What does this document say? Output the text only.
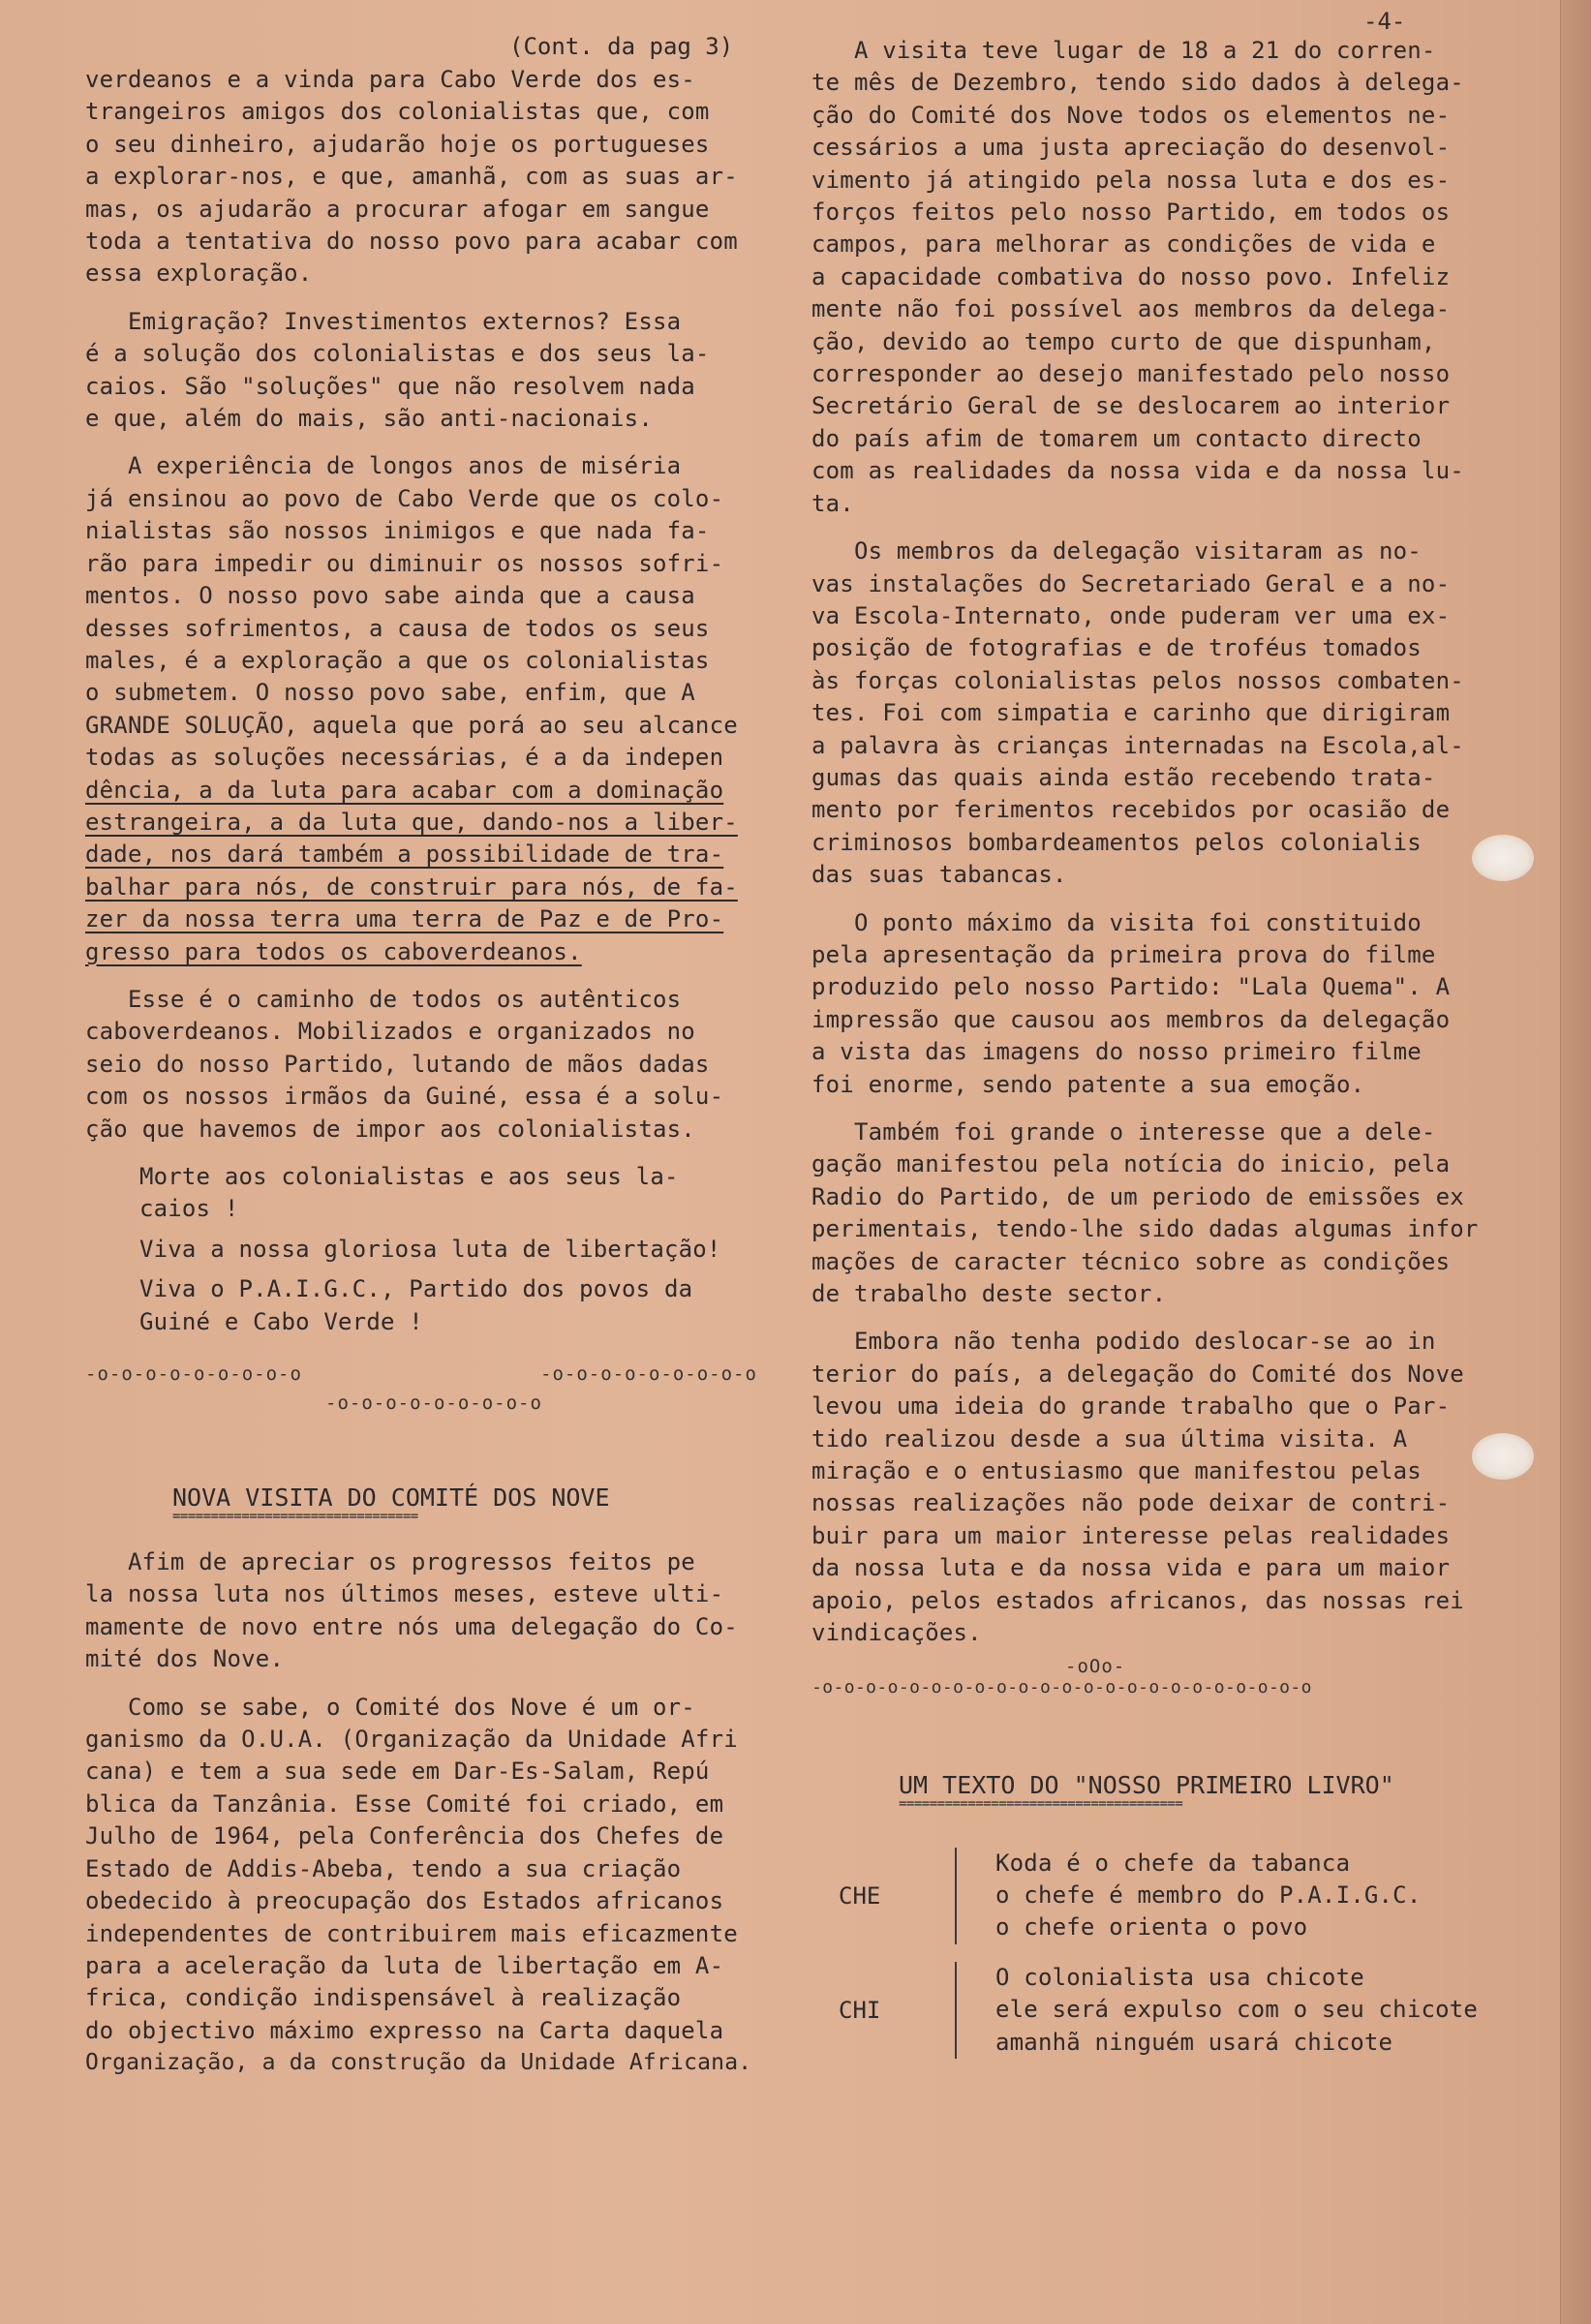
(Cont. da pag 3)
-4-
verdeanos e a vinda para Cabo Verde dos es-
trangeiros amigos dos colonialistas que, com
o seu dinheiro, ajudarão hoje os portugueses
a explorar-nos, e que, amanhã, com as suas ar-
mas, os ajudarão a procurar afogar em sangue
toda a tentativa do nosso povo para acabar com
essa exploração.
Emigração? Investimentos externos? Essa
é a solução dos colonialistas e dos seus la-
caios. São "soluções" que não resolvem nada
e que, além do mais, são anti-nacionais.
A experiência de longos anos de miséria
já ensinou ao povo de Cabo Verde que os colo-
nialistas são nossos inimigos e que nada fa-
rão para impedir ou diminuir os nossos sofri-
mentos. O nosso povo sabe ainda que a causa
desses sofrimentos, a causa de todos os seus
males, é a exploração a que os colonialistas
o submetem. O nosso povo sabe, enfim, que A
GRANDE SOLUÇÃO, aquela que porá ao seu alcance
todas as soluções necessárias, é a da indepen
dência, a da luta para acabar com a dominação
estrangeira, a da luta que, dando-nos a liber-
dade, nos dará também a possibilidade de tra-
balhar para nós, de construir para nós, de fa-
zer da nossa terra uma terra de Paz e de Pro-
gresso para todos os caboverdeanos.
Esse é o caminho de todos os autênticos
caboverdeanos. Mobilizados e organizados no
seio do nosso Partido, lutando de mãos dadas
com os nossos irmãos da Guiné, essa é a solu-
ção que havemos de impor aos colonialistas.
Morte aos colonialistas e aos seus la-
caios !
Viva a nossa gloriosa luta de libertação!
Viva o P.A.I.G.C., Partido dos povos da
Guiné e Cabo Verde !
-o-o-o-o-o-o-o-o-o	-o-o-o-o-o-o-o-o-o
-o-o-o-o-o-o-o-o-o
NOVA VISITA DO COMITÉ DOS NOVE
================================
Afim de apreciar os progressos feitos pe
la nossa luta nos últimos meses, esteve ulti-
mamente de novo entre nós uma delegação do Co-
mité dos Nove.
Como se sabe, o Comité dos Nove é um or-
ganismo da O.U.A. (Organização da Unidade Afri
cana) e tem a sua sede em Dar-Es-Salam, Repú
blica da Tanzânia. Esse Comité foi criado, em
Julho de 1964, pela Conferência dos Chefes de
Estado de Addis-Abeba, tendo a sua criação
obedecido à preocupação dos Estados africanos
independentes de contribuirem mais eficazmente
para a aceleração da luta de libertação em A-
frica, condição indispensável à realização
do objectivo máximo expresso na Carta daquela
Organização, a da construção da Unidade Africana.
A visita teve lugar de 18 a 21 do corren-
te mês de Dezembro, tendo sido dados à delega-
ção do Comité dos Nove todos os elementos ne-
cessários a uma justa apreciação do desenvol-
vimento já atingido pela nossa luta e dos es-
forços feitos pelo nosso Partido, em todos os
campos, para melhorar as condições de vida e
a capacidade combativa do nosso povo. Infeliz
mente não foi possível aos membros da delega-
ção, devido ao tempo curto de que dispunham,
corresponder ao desejo manifestado pelo nosso
Secretário Geral de se deslocarem ao interior
do país afim de tomarem um contacto directo
com as realidades da nossa vida e da nossa lu-
ta.
Os membros da delegação visitaram as no-
vas instalações do Secretariado Geral e a no-
va Escola-Internato, onde puderam ver uma ex-
posição de fotografias e de troféus tomados
às forças colonialistas pelos nossos combaten-
tes. Foi com simpatia e carinho que dirigiram
a palavra às crianças internadas na Escola,al-
gumas das quais ainda estão recebendo trata-
mento por ferimentos recebidos por ocasião de
criminosos bombardeamentos pelos colonialis
das suas tabancas.
O ponto máximo da visita foi constituido
pela apresentação da primeira prova do filme
produzido pelo nosso Partido: "Lala Quema". A
impressão que causou aos membros da delegação
a vista das imagens do nosso primeiro filme
foi enorme, sendo patente a sua emoção.
Também foi grande o interesse que a dele-
gação manifestou pela notícia do inicio, pela
Radio do Partido, de um periodo de emissões ex
perimentais, tendo-lhe sido dadas algumas infor
mações de caracter técnico sobre as condições
de trabalho deste sector.
Embora não tenha podido deslocar-se ao in
terior do país, a delegação do Comité dos Nove
levou uma ideia do grande trabalho que o Par-
tido realizou desde a sua última visita. A
miração e o entusiasmo que manifestou pelas
nossas realizações não pode deixar de contri-
buir para um maior interesse pelas realidades
da nossa luta e da nossa vida e para um maior
apoio, pelos estados africanos, das nossas rei
vindicações.
-oOo-
-o-o-o-o-o-o-o-o-o-o-o-o-o-o-o-o-o-o-o-o-o-o-o
UM TEXTO DO "NOSSO PRIMEIRO LIVRO"
=====================================
CHE
Koda é o chefe da tabanca
o chefe é membro do P.A.I.G.C.
o chefe orienta o povo
CHI
O colonialista usa chicote
ele será expulso com o seu chicote
amanhã ninguém usará chicote
